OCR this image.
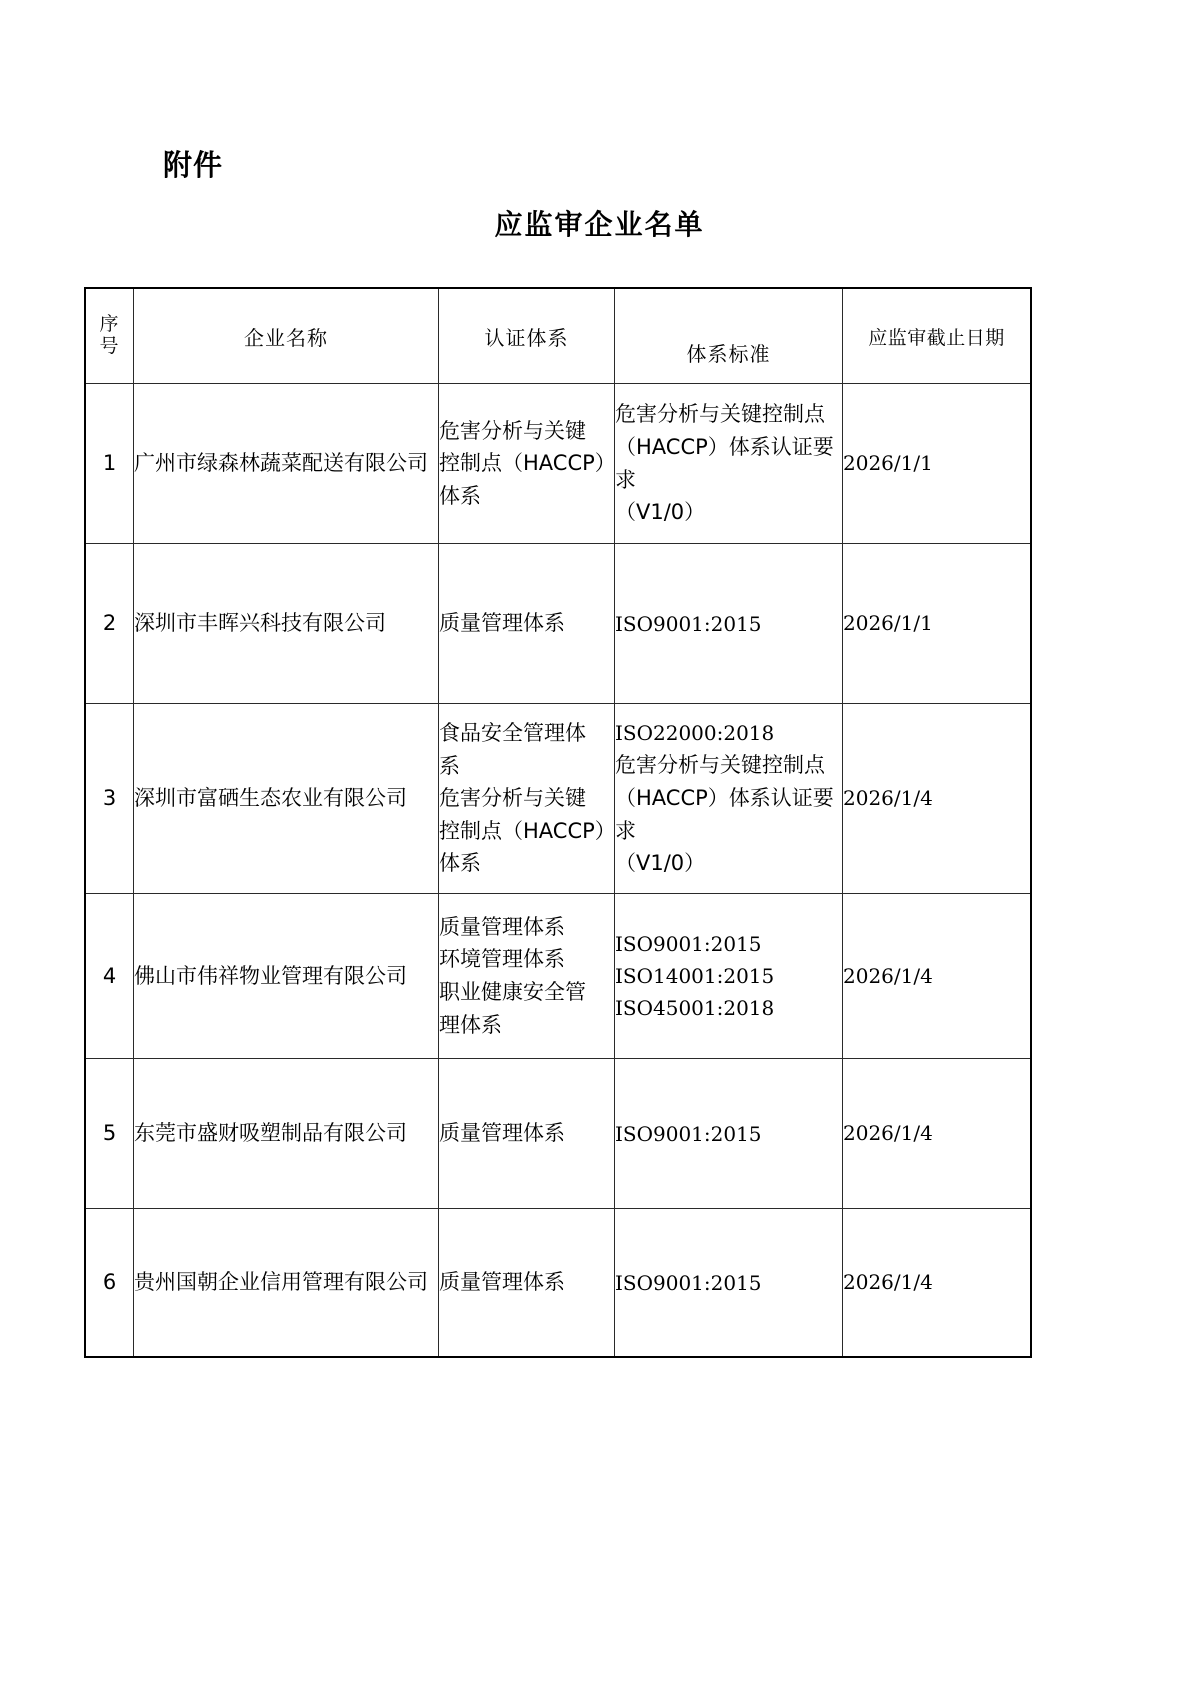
附件
应监审企业名单
序
号	企业名称	认证体系	体系标准	应监审截止日期
1	广州市绿森林蔬菜配送有限公司	危害分析与关键
控制点（HACCP）
体系	危害分析与关键控制点
（HACCP）体系认证要求
（V1/0）	2026/1/1
2	深圳市丰晖兴科技有限公司	质量管理体系	ISO9001:2015	2026/1/1
3	深圳市富硒生态农业有限公司	食品安全管理体
系
危害分析与关键
控制点（HACCP）
体系	ISO22000:2018
危害分析与关键控制点
（HACCP）体系认证要求
（V1/0）	2026/1/4
4	佛山市伟祥物业管理有限公司	质量管理体系
环境管理体系
职业健康安全管
理体系	ISO9001:2015
ISO14001:2015
ISO45001:2018	2026/1/4
5	东莞市盛财吸塑制品有限公司	质量管理体系	ISO9001:2015	2026/1/4
6	贵州国朝企业信用管理有限公司	质量管理体系	ISO9001:2015	2026/1/4
